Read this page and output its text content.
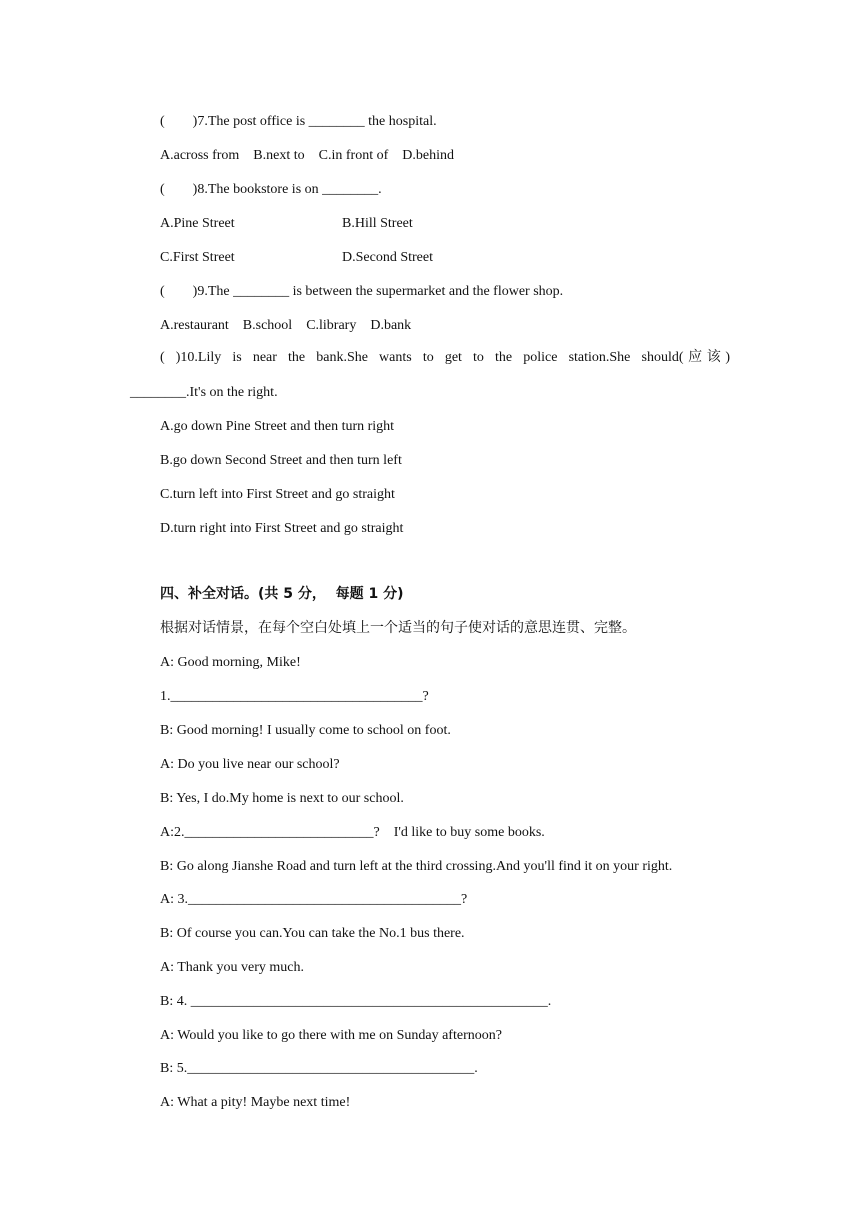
(        )7.The post office is ________ the hospital.
A.across from    B.next to    C.in front of    D.behind
(        )8.The bookstore is on ________.
A.Pine Street	B.Hill Street
C.First Street	D.Second Street
(        )9.The ________ is between the supermarket and the flower shop.
A.restaurant    B.school    C.library    D.bank
( )10.Lily is near the bank.She wants to get to the police station.She should(应该)
________.It's on the right.
A.go down Pine Street and then turn right
B.go down Second Street and then turn left
C.turn left into First Street and go straight
D.turn right into First Street and go straight
四、补全对话。(共 5 分，  每题 1 分)
根据对话情景，在每个空白处填上一个适当的句子使对话的意思连贯、完整。
A: Good morning, Mike!
1.____________________________________?
B: Good morning! I usually come to school on foot.
A: Do you live near our school?
B: Yes, I do.My home is next to our school.
A:2.___________________________?    I'd like to buy some books.
B: Go along Jianshe Road and turn left at the third crossing.And you'll find it on your right.
A: 3._______________________________________?
B: Of course you can.You can take the No.1 bus there.
A: Thank you very much.
B: 4. ___________________________________________________.
A: Would you like to go there with me on Sunday afternoon?
B: 5._________________________________________.
A: What a pity! Maybe next time!
